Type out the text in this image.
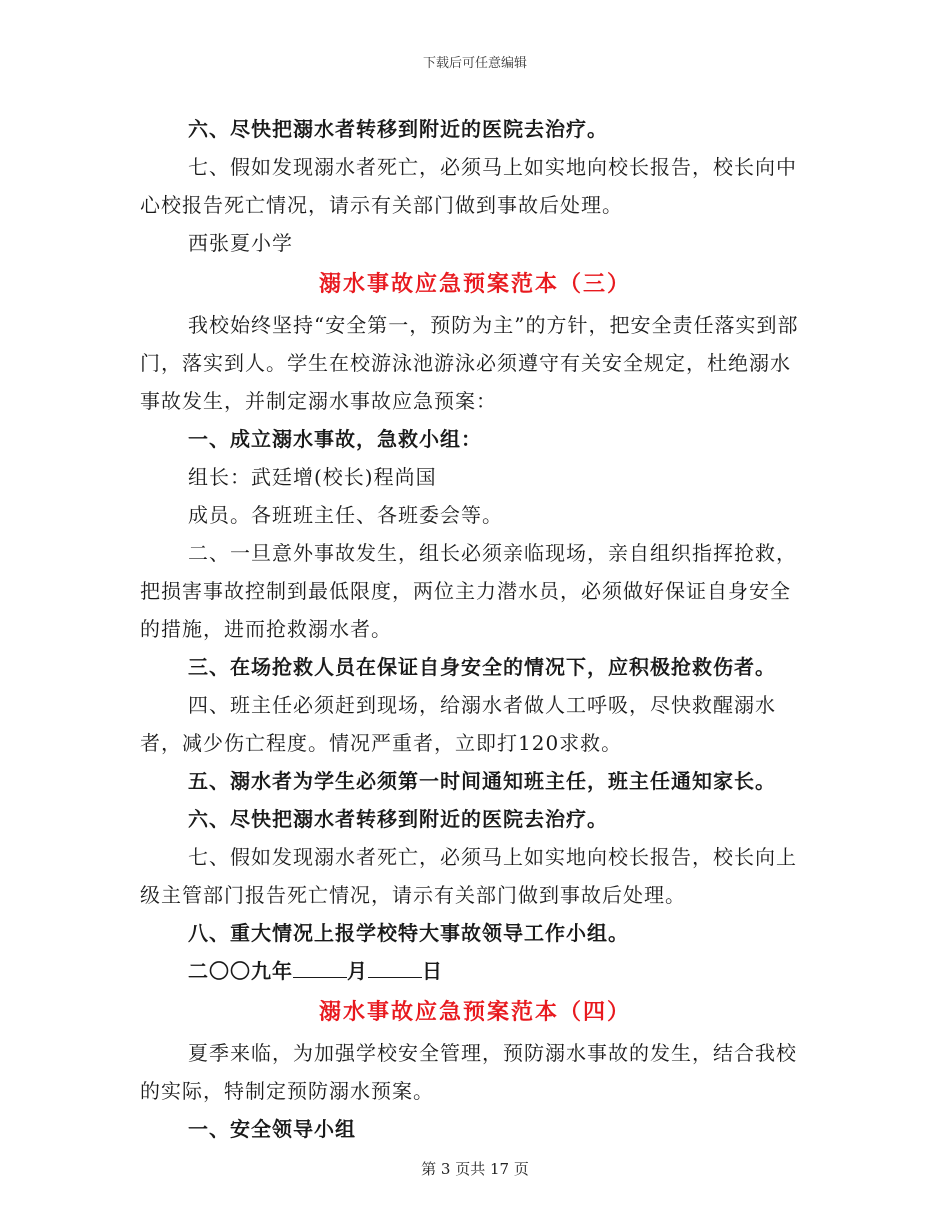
下载后可任意编辑

六、尽快把溺水者转移到附近的医院去治疗。

七、假如发现溺水者死亡，必须马上如实地向校长报告，校长向中心校报告死亡情况，请示有关部门做到事故后处理。

西张夏小学

溺水事故应急预案范本（三）

我校始终坚持“安全第一，预防为主”的方针，把安全责任落实到部门，落实到人。学生在校游泳池游泳必须遵守有关安全规定，杜绝溺水事故发生，并制定溺水事故应急预案：

一、成立溺水事故，急救小组：

组长：武廷增(校长)程尚国

成员。各班班主任、各班委会等。

二、一旦意外事故发生，组长必须亲临现场，亲自组织指挥抢救，把损害事故控制到最低限度，两位主力潜水员，必须做好保证自身安全的措施，进而抢救溺水者。

三、在场抢救人员在保证自身安全的情况下，应积极抢救伤者。

四、班主任必须赶到现场，给溺水者做人工呼吸，尽快救醒溺水者，减少伤亡程度。情况严重者，立即打120求救。

五、溺水者为学生必须第一时间通知班主任，班主任通知家长。

六、尽快把溺水者转移到附近的医院去治疗。

七、假如发现溺水者死亡，必须马上如实地向校长报告，校长向上级主管部门报告死亡情况，请示有关部门做到事故后处理。

八、重大情况上报学校特大事故领导工作小组。

二〇〇九年	月	日

溺水事故应急预案范本（四）

夏季来临，为加强学校安全管理，预防溺水事故的发生，结合我校的实际，特制定预防溺水预案。

一、安全领导小组

第 3 页共 17 页
